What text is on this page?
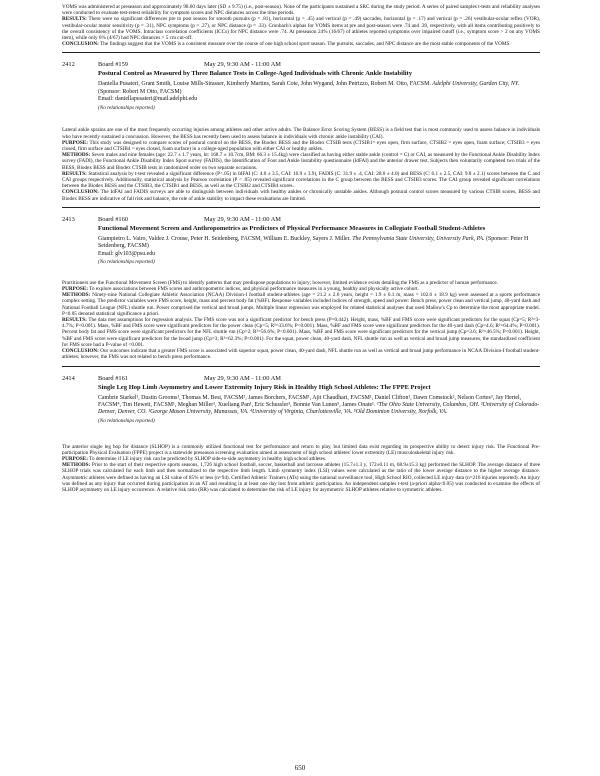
VOMS was administered at preseason and approximately 98.60 days later (SD ± 9.75) (i.e., post-season). None of the participants sustained a SRC during the study period. A series of paired samples t-tests and reliability analyses were conducted to evaluate test-retest reliability for symptom scores and NPC distances across the time periods.

RESULTS: There were no significant differences pre to post season for smooth pursuits (p = .81), horizontal (p = .45) and vertical (p = .49) saccades, horizontal (p = .17) and vertical (p = .26) vestibular-ocular reflex (VOR), vestibular-ocular motor sensitivity (p = .31), NPC symptoms (p = .27), or NPC distance (p = .33). Cronbach's alphas for VOMS items at pre and post-season were .74 and .39, respectively, with all items contributing positively to the overall consistency of the VOMS. Intraclass correlation coefficients (ICCs) for NPC distance were .74. At preseason 24% (16/67) of athletes reported symptoms over impaired cutoff (i.e., symptom score > 2 on any VOMS item), while only 6% (4/67) had NPC distances > 5 cm cut-off.

CONCLUSION: The findings suggest that the VOMS is a consistent measure over the course of one high school sport season. The pursuits, saccades, and NPC distance are the most stable components of the VOMS.

2412	Board #159	May 29, 9:30 AM - 11:00 AM

Postural Control as Measured by Three Balance Tests in College-Aged Individuals with Chronic Ankle Instability

Daniella Pusateri, Grant Smith, Louise Mills-Strasser, Kimberly Martins, Sarah Cote, John Wygand, John Petrizzo, Robert M. Otto, FACSM. Adelphi University, Garden City, NY. (Sponsor: Robert M Otto, FACSM)

Email: daniellapusateri@mail.adelphi.edu

(No relationships reported)

Lateral ankle sprains are one of the most frequently occurring injuries among athletes and other active adults. The Balance Error Scoring System (BESS) is a field test that is most commonly used to assess balance in individuals who have recently sustained a concussion. However, the BESS has recently been used to assess balance in individuals with chronic ankle instability (CAI).

PURPOSE: This study was designed to compare scores of postural control on the BESS, the Biodex BESS and the Biodex CTSIB tests (CTSIB1= eyes open, firm surface, CTSIB2 = eyes open, foam surface; CTSIB3 = eyes closed, firm surface and CTSIB4 = eyes closed, foam surface) in a college-aged population with either CAI or healthy ankles.

METHODS: Seven males and nine females (age: 22.7 ± 1.7 years, ht: 168.7 ± 10.7cm, BM: 66.3 ± 15.4kg) were classified as having either stable ankle (control = C) or CAI, as measured by the Functional Ankle Disability Index survey (FADI), the Functional Ankle Disability Index Sport survey (FADIS), the Identification of Foot and Ankle Instability questionnaire (IdFAI) and the anterior drawer test. Subjects then voluntarily completed two trials of the BESS, Biodex BESS and Biodex CTSIB tests in randomized order on two separate occasions.

RESULTS: Statistical analysis by t-test revealed a significant difference (P<.05) in IdFAI (C: 4.0 ± 3.5, CAI: 16.9 ± 3.9), FADIS (C: 31.9 ± .4, CAI: 28.0 ± 4.0) and BESS (C: 6.1 ± 2.5, CAI: 9.8 ± 2.1) scores between the C and CAI groups respectively. Additionally, statistical analysis by Pearson correlation (P < .05) revealed significant correlations in the C group between the BESS and CTSIB3 scores. The CAI group revealed significant correlations between the Biodex BESS and the CTSIB3, the CTSIB1 and BESS, as well as the CTSIB2 and CTSIB4 scores.

CONCLUSION: The IdFAI and FADIS surveys are able to distinguish between individuals with healthy ankles or chronically unstable ankles. Although postural control scores measured by various CTSIB scores, BESS and Biodex BESS are indicative of fall risk and balance, the role of ankle stability to impact these evaluations are limited.

2413	Board #160	May 29, 9:30 AM - 11:00 AM

Functional Movement Screen and Anthropometrics as Predictors of Physical Performance Measures in Collegiate Football Student-Athletes

Giampietro L. Vairo, Valdez J. Crouse, Peter H. Seidenberg, FACSM, William E. Buckley, Sayers J. Miller. The Pennsylvania State University, University Park, PA. (Sponsor: Peter H Seidenberg, FACSM)

Email: glv103@psu.edu

(No relationships reported)

Practitioners use the Functional Movement Screen (FMS) to identify patterns that may predispose populations to injury; however, limited evidence exists detailing the FMS as a predictor of human performance.

PURPOSE: To explore associations between FMS scores and anthropometric indices, and physical performance measures in a young, healthy and physically active cohort.

METHODS: Ninety-nine National Collegiate Athletic Association (NCAA) Division-I football student-athletes (age = 21.2 ± 2.6 years, height = 1.9 ± 0.1 m, mass = 102.6 ± 18.9 kg) were assessed at a sports performance complex setting. The predictor variables were FMS score, height, mass and percent body fat (%BF). Response variables included indices of strength, speed and power: Bench press, power clean and vertical jump, 40-yard dash and National Football League (NFL) shuttle run. Power comprised the vertical and broad jumps. Multiple linear regression was employed for related statistical analyses that used Mallow's Cp to determine the most appropriate model. P<0.05 denoted statistical significance a priori.

RESULTS: The data met assumptions for regression analysis. The FMS score was not a significant predictor for bench press (P=0.442). Height, mass, %BF and FMS score were significant predictors for the squat (Cp=5; R²=3-4.7%; P<0.001). Mass, %BF and FMS score were significant predictors for the power clean (Cp=5; R²=33.6%; P<0.001). Mass, %BF and FMS score were significant predictors for the 40-yard dash (Cp=4.6; R²=64.4%; P<0.001). Percent body fat and FMS score were significant predictors for the NFL shuttle run (Cp=2; R²=56.6%; P<0.001). Mass, %BF and FMS score were significant predictors for the vertical jump (Cp=3.6; R²=46.5%; P<0.001). Height, %BF and FMS score were significant predictors for the broad jump (Cp=3; R²=62.3%; P<0.001). For the squat, power clean, 40-yard dash, NFL shuttle run as well as vertical and broad jump measures, the standardized coefficient for FMS score had a P-value of <0.001.

CONCLUSION: Our outcomes indicate that a greater FMS score is associated with superior squat, power clean, 40-yard dash, NFL shuttle run as well as vertical and broad jump performance in NCAA Division-I football student-athletes; however, the FMS was not related to bench press performance.

2414	Board #161	May 29, 9:30 AM - 11:00 AM

Single Leg Hop Limb Asymmetry and Lower Extremity Injury Risk in Healthy High School Athletes: The FPPE Project

Cambrie Starkel¹, Dustin Grooms¹, Thomas M. Best, FACSM¹, James Borchers, FACSM¹, Ajit Chaudhari, FACSM¹, Daniel Clifton¹, Dawn Comstock², Nelson Cortes³, Jay Hertel, FACSM⁴, Tim Hewett, FACSM¹, Meghan Miller¹, Xueliang Pan¹, Eric Schussler¹, Bonnie Van Lunen⁵, James Onate¹. ¹The Ohio State University, Columbus, OH. ²University of Colorado-Denver, Denver, CO. ³George Mason University, Manassas, VA. ⁴University of Virginia, Charlottesville, VA. ⁵Old Dominion University, Norfolk, VA.

(No relationships reported)

The anterior single leg hop for distance (SLHOP) is a commonly utilized functional test for performance and return to play, but limited data exist regarding its prospective ability to detect injury risk. The Functional Pre-participation Physical Evaluation (FPPE) project is a statewide preseason screening evaluation aimed at assessment of high school athletes' lower extremity (LE) musculoskeletal injury risk.

PURPOSE: To determine if LE injury risk can be predicted by SLHOP side-to-side asymmetry in healthy high school athletes.

METHODS: Prior to the start of their respective sports seasons, 1,726 high school football, soccer, basketball and lacrosse athletes (15.7±1.3 y, 172±0.11 m, 68.9±15.3 kg) performed the SLHOP. The average distance of three SLHOP trials was calculated for each limb and then normalized to the respective limb length. Limb symmetry index (LSI) values were calculated as the ratio of the lower average distance to the higher average distance. Asymmetric athletes were defined as having an LSI value of 85% or less (n=94). Certified Athletic Trainers (ATs) using the national surveillance tool, High School RIO, collected LE injury data (n=216 injuries reported). An injury was defined as any injury that occurred during participation in an AT and resulting in at least one day lost from athletic participation. An independent samples t-test (a-priori alpha<0.05) was conducted to examine the effects of SLHOP asymmetry on LE injury occurrence. A relative risk ratio (RR) was calculated to determine the risk of LE injury for asymmetric SLHOP athletes relative to symmetric athletes.

650
